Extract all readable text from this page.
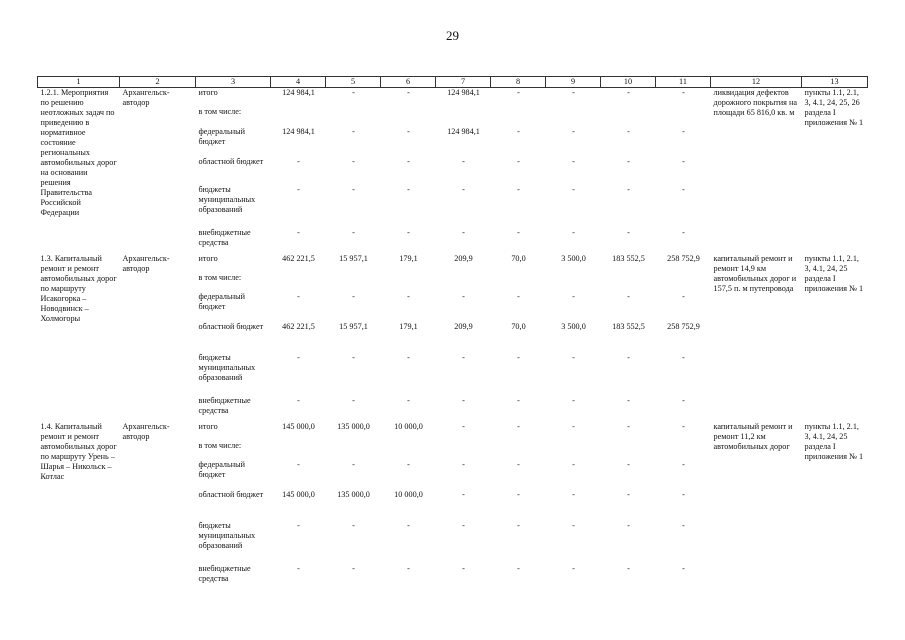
29
1	2	3	4	5	6	7	8	9	10	11	12	13
1.2.1. Мероприятия по решению неотложных задач по приведению в нормативное состояние региональных автомобильных дорог на основании решения Правительства Российской Федерации	Архангельск-автодор	итого	124 984,1	-	-	124 984,1	-	-	-	-	ликвидация дефектов дорожного покрытия на площади 65 816,0 кв. м	пункты 1.1, 2.1, 3, 4.1, 24, 25, 26 раздела I приложения № 1
		в том числе:										
		федеральный бюджет	124 984,1	-	-	124 984,1	-	-	-	-		
		областной бюджет	-	-	-	-	-	-	-	-		
		бюджеты муниципальных образований	-	-	-	-	-	-	-	-		
		внебюджетные средства	-	-	-	-	-	-	-	-		
1.3. Капитальный ремонт и ремонт автомобильных дорог по маршруту Исакогорка – Новодвинск – Холмогоры	Архангельск-автодор	итого	462 221,5	15 957,1	179,1	209,9	70,0	3 500,0	183 552,5	258 752,9	капитальный ремонт и ремонт 14,9 км автомобильных дорог и 157,5 п. м путепровода	пункты 1.1, 2.1, 3, 4.1, 24, 25 раздела I приложения № 1
		в том числе:										
		федеральный бюджет	-	-	-	-	-	-	-	-		
		областной бюджет	462 221,5	15 957,1	179,1	209,9	70,0	3 500,0	183 552,5	258 752,9		
		бюджеты муниципальных образований	-	-	-	-	-	-	-	-		
		внебюджетные средства	-	-	-	-	-	-	-	-		
1.4. Капитальный ремонт и ремонт автомобильных дорог по маршруту Урень – Шарья – Никольск – Котлас	Архангельск-автодор	итого	145 000,0	135 000,0	10 000,0	-	-	-	-	-	капитальный ремонт и ремонт 11,2 км автомобильных дорог	пункты 1.1, 2.1, 3, 4.1, 24, 25 раздела I приложения № 1
		в том числе:										
		федеральный бюджет	-	-	-	-	-	-	-	-		
		областной бюджет	145 000,0	135 000,0	10 000,0	-	-	-	-	-		
		бюджеты муниципальных образований	-	-	-	-	-	-	-	-		
		внебюджетные средства	-	-	-	-	-	-	-	-		
